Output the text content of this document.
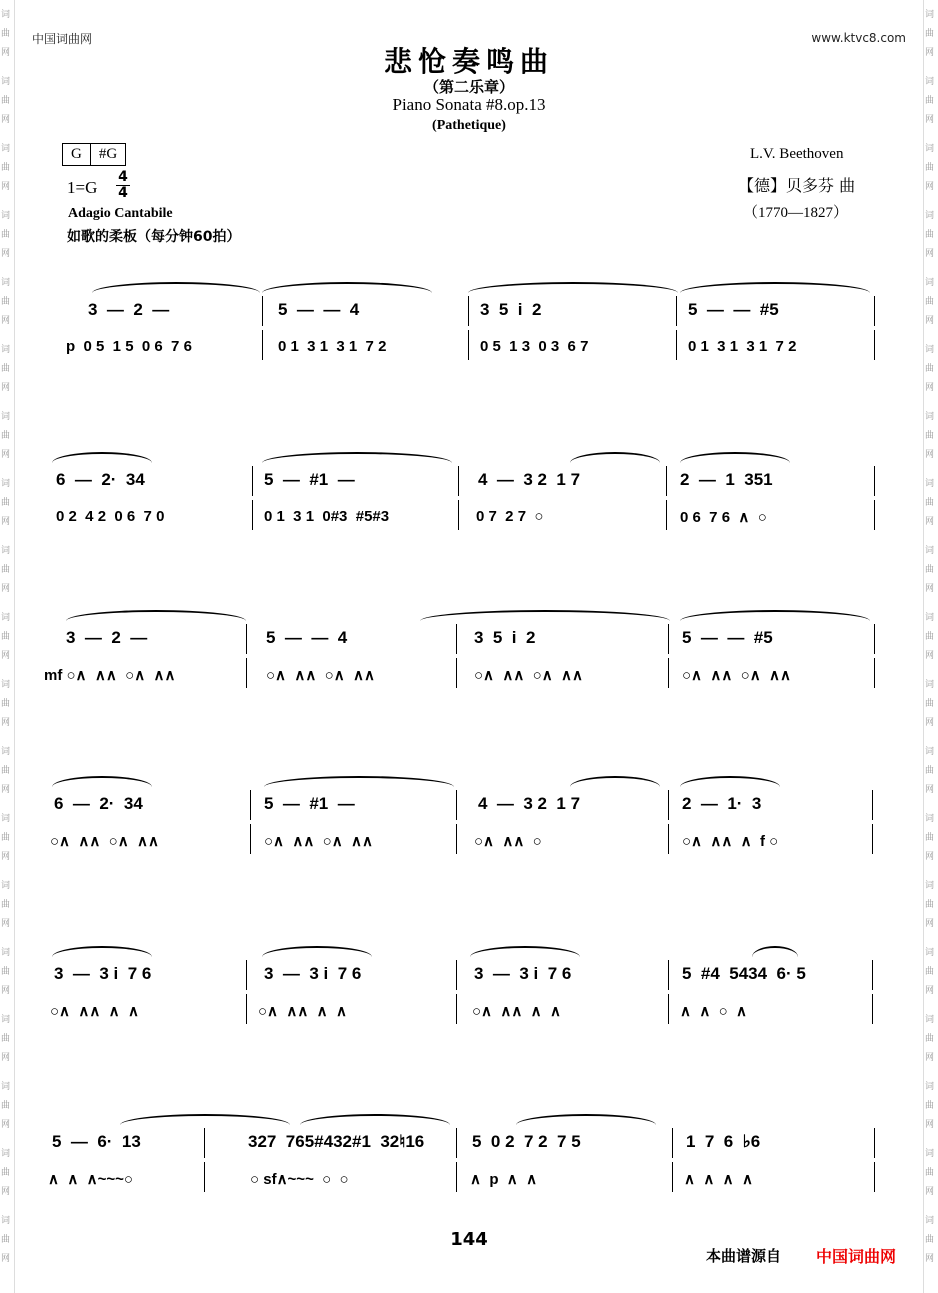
词
曲
网
词
曲
网
词
曲
网
词
曲
网
词
曲
网
词
曲
网
词
曲
网
词
曲
网
词
曲
网
词
曲
网
词
曲
网
词
曲
网
词
曲
网
词
曲
网
词
曲
网
词
曲
网
词
曲
网
词
曲
网
词
曲
网
词
曲
网
词
曲
网
词
曲
网
词
曲
网
词
曲
网
词
曲
网
词
曲
网
词
曲
网
词
曲
网
词
曲
网
词
曲
网
词
曲
网
词
曲
网
词
曲
网
词
曲
网
词
曲
网
词
曲
网
词
曲
网
词
曲
网
中国词曲网	www.ktvc8.com
悲怆奏鸣曲
（第二乐章）
Piano Sonata #8.op.13
(Pathetique)
G	#G
1=G
4
4
Adagio Cantabile
如歌的柔板（每分钟60拍）
L.V. Beethoven
【德】贝多芬 曲
（1770—1827）
3  —  2  —
p  0 5  1 5  0 6  7 6
5  —  —  4
0 1  3 1  3 1  7 2
3  5  i  2
0 5  1 3  0 3  6 7
5  —  —  #5
0 1  3 1  3 1  7 2
6  —  2·  34
0 2  4 2  0 6  7 0
5  —  #1  —
0 1  3 1  0#3  #5#3
4  —  3 2  1 7
0 7  2 7  ○
2  —  1  351
0 6  7 6  ∧  ○
3  —  2  —
mf ○∧  ∧∧  ○∧  ∧∧
5  —  —  4
○∧  ∧∧  ○∧  ∧∧
3  5  i  2
○∧  ∧∧  ○∧  ∧∧
5  —  —  #5
○∧  ∧∧  ○∧  ∧∧
6  —  2·  34
○∧  ∧∧  ○∧  ∧∧
5  —  #1  —
○∧  ∧∧  ○∧  ∧∧
4  —  3 2  1 7
○∧  ∧∧  ○
2  —  1·  3
○∧  ∧∧  ∧  f ○
3  —  3 i  7 6
○∧  ∧∧  ∧  ∧
3  —  3 i  7 6
○∧  ∧∧  ∧  ∧
3  —  3 i  7 6
○∧  ∧∧  ∧  ∧
5  #4  5434  6· 5
∧  ∧  ○  ∧
5  —  6·  13
∧  ∧  ∧~~~○
327  765#432#1  32♮16
○ sf∧~~~  ○  ○
5  0 2  7 2  7 5
∧  p  ∧  ∧
1  7  6  ♭6
∧  ∧  ∧  ∧
144
本曲谱源自 中国词曲网
